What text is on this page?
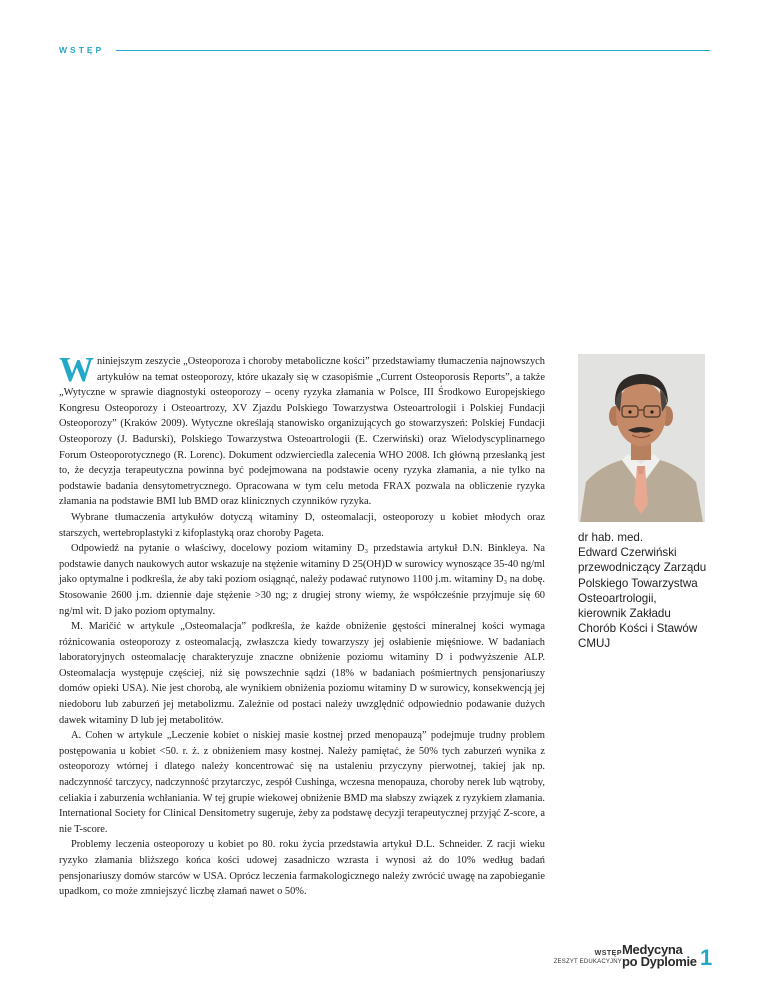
WSTĘP

Wniniejszym zeszycie „Osteoporoza i choroby metaboliczne kości” przedstawiamy tłumaczenia najnowszych artykułów na temat osteoporozy, które ukazały się w czasopiśmie „Current Osteoporosis Reports”, a także „Wytyczne w sprawie diagnostyki osteoporozy – oceny ryzyka złamania w Polsce, III Środkowo Europejskiego Kongresu Osteoporozy i Osteoartrozy, XV Zjazdu Polskiego Towarzystwa Osteoartrologii i Polskiej Fundacji Osteoporozy” (Kraków 2009). Wytyczne określają stanowisko organizujących go stowarzyszeń: Polskiej Fundacji Osteoporozy (J. Badurski), Polskiego Towarzystwa Osteoartrologii (E. Czerwiński) oraz Wielodyscyplinarnego Forum Osteoporotycznego (R. Lorenc). Dokument odzwierciedla zalecenia WHO 2008. Ich główną przesłanką jest to, że decyzja terapeutyczna powinna być podejmowana na podstawie oceny ryzyka złamania, a nie tylko na podstawie badania densytometrycznego. Opracowana w tym celu metoda FRAX pozwala na obliczenie ryzyka złamania na podstawie BMI lub BMD oraz klinicznych czynników ryzyka.

Wybrane tłumaczenia artykułów dotyczą witaminy D, osteomalacji, osteoporozy u kobiet młodych oraz starszych, wertebroplastyki z kifoplastyką oraz choroby Pageta.

Odpowiedź na pytanie o właściwy, docelowy poziom witaminy D₃ przedstawia artykuł D.N. Binkleya. Na podstawie danych naukowych autor wskazuje na stężenie witaminy D 25(OH)D w surowicy wynoszące 35-40 ng/ml jako optymalne i podkreśla, że aby taki poziom osiągnąć, należy podawać rutynowo 1100 j.m. witaminy D₃ na dobę. Stosowanie 2600 j.m. dziennie daje stężenie >30 ng; z drugiej strony wiemy, że współcześnie przyjmuje się 60 ng/ml wit. D jako poziom optymalny.

M. Maričić w artykule „Osteomalacja” podkreśla, że każde obniżenie gęstości mineralnej kości wymaga różnicowania osteoporozy z osteomalacją, zwłaszcza kiedy towarzyszy jej osłabienie mięśniowe. W badaniach laboratoryjnych osteomalację charakteryzuje znaczne obniżenie poziomu witaminy D i podwyższenie ALP. Osteomalacja występuje częściej, niż się powszechnie sądzi (18% w badaniach pośmiertnych pensjonariuszy domów opieki USA). Nie jest chorobą, ale wynikiem obniżenia poziomu witaminy D w surowicy, konsekwencją jej niedoboru lub zaburzeń jej metabolizmu. Zależnie od postaci należy uwzględnić odpowiednio podawanie dużych dawek witaminy D lub jej metabolitów.

A. Cohen w artykule „Leczenie kobiet o niskiej masie kostnej przed menopauzą” podejmuje trudny problem postępowania u kobiet <50. r. ż. z obniżeniem masy kostnej. Należy pamiętać, że 50% tych zaburzeń wynika z osteoporozy wtórnej i dlatego należy koncentrować się na ustaleniu przyczyny pierwotnej, takiej jak np. nadczynność tarczycy, nadczynność przytarczyc, zespół Cushinga, wczesna menopauza, choroby nerek lub wątroby, celiakia i zaburzenia wchłaniania. W tej grupie wiekowej obniżenie BMD ma słabszy związek z ryzykiem złamania. International Society for Clinical Densitometry sugeruje, żeby za podstawę decyzji terapeutycznej przyjąć Z-score, a nie T-score.

Problemy leczenia osteoporozy u kobiet po 80. roku życia przedstawia artykuł D.L. Schneider. Z racji wieku ryzyko złamania bliższego końca kości udowej zasadniczo wzrasta i wynosi aż do 10% według badań pensjonariuszy domów starców w USA. Oprócz leczenia farmakologicznego należy zwrócić uwagę na zapobieganie upadkom, co może zmniejszyć liczbę złamań nawet o 50%.

dr hab. med.
Edward Czerwiński
przewodniczący Zarządu
Polskiego Towarzystwa
Osteoartrologii,
kierownik Zakładu
Chorób Kości i Stawów
CMUJ
WSTĘP
ZESZYT EDUKACYJNY
Medycyna
po Dyplomie 1
